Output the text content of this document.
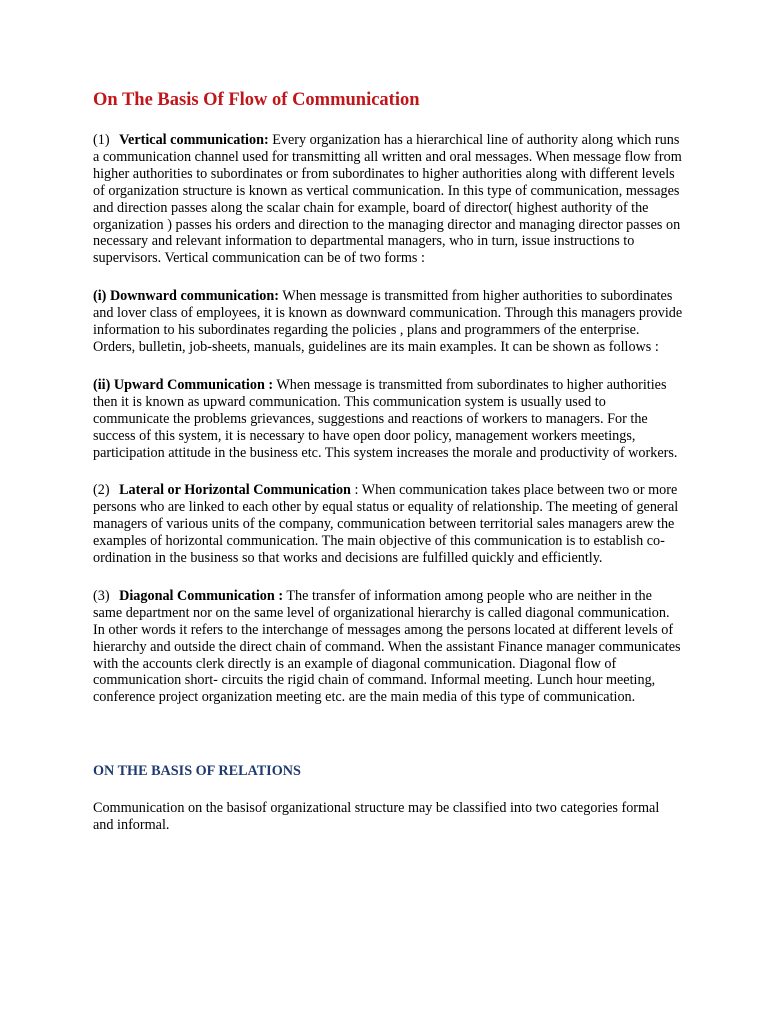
On The Basis Of Flow of Communication

(1) Vertical communication: Every organization has a hierarchical line of authority along which runs a communication channel used for transmitting all written and oral messages. When message flow from higher authorities to subordinates or from subordinates to higher authorities along with different levels of organization structure is known as vertical communication. In this type of communication, messages and direction passes along the scalar chain for example, board of director( highest authority of the organization ) passes his orders and direction to the managing director and managing director passes on necessary and relevant information to departmental managers, who in turn, issue instructions to supervisors. Vertical communication can be of two forms :

(i) Downward communication: When message is transmitted from higher authorities to subordinates and lover class of employees, it is known as downward communication. Through this managers provide information to his subordinates regarding the policies , plans and programmers of the enterprise. Orders, bulletin, job-sheets, manuals, guidelines are its main examples. It can be shown as follows :

(ii) Upward Communication : When message is transmitted from subordinates to higher authorities then it is known as upward communication. This communication system is usually used to communicate the problems grievances, suggestions and reactions of workers to managers. For the success of this system, it is necessary to have open door policy, management workers meetings, participation attitude in the business etc. This system increases the morale and productivity of workers.

(2) Lateral or Horizontal Communication : When communication takes place between two or more persons who are linked to each other by equal status or equality of relationship. The meeting of general managers of various units of the company, communication between territorial sales managers arew the examples of horizontal communication. The main objective of this communication is to establish co-ordination in the business so that works and decisions are fulfilled quickly and efficiently.

(3) Diagonal Communication : The transfer of information among people who are neither in the same department nor on the same level of organizational hierarchy is called diagonal communication. In other words it refers to the interchange of messages among the persons located at different levels of hierarchy and outside the direct chain of command. When the assistant Finance manager communicates with the accounts clerk directly is an example of diagonal communication. Diagonal flow of communication short- circuits the rigid chain of command. Informal meeting. Lunch hour meeting, conference project organization meeting etc. are the main media of this type of communication.

ON THE BASIS OF RELATIONS

Communication on the basisof organizational structure may be classified into two categories formal and informal.
